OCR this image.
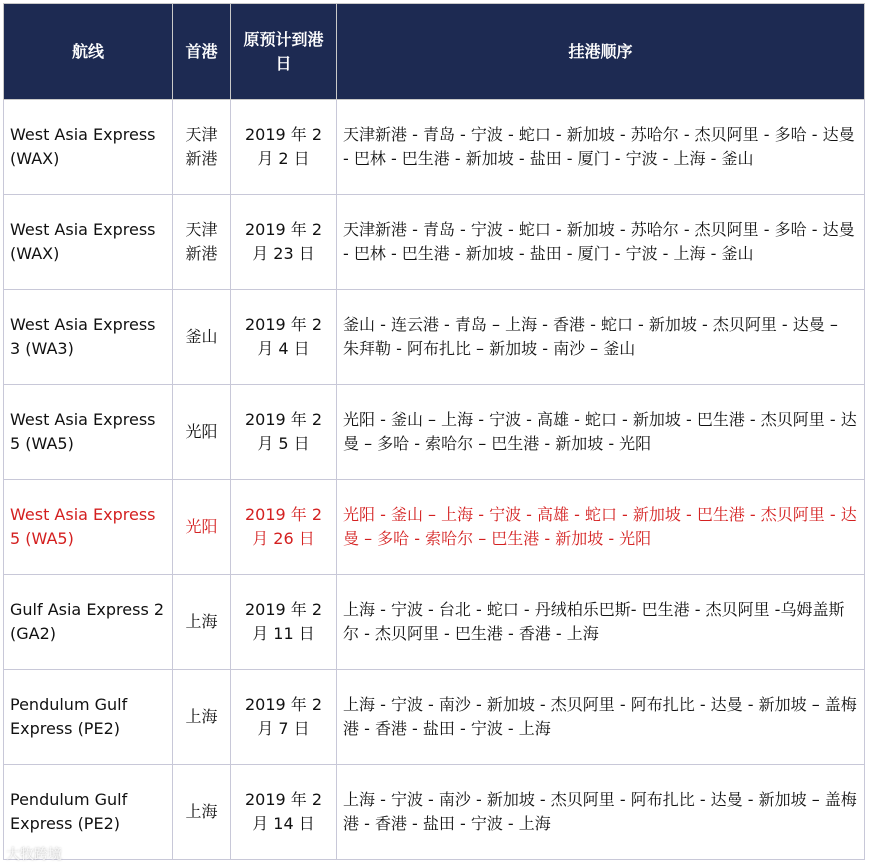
航线	首港	原预计到港日	挂港顺序
West Asia Express (WAX)	天津新港	2019 年 2 月 2 日	天津新港 - 青岛 - 宁波 - 蛇口 - 新加坡 - 苏哈尔 - 杰贝阿里 - 多哈 - 达曼 - 巴林 - 巴生港 - 新加坡 - 盐田 - 厦门 - 宁波 - 上海 - 釜山
West Asia Express (WAX)	天津新港	2019 年 2 月 23 日	天津新港 - 青岛 - 宁波 - 蛇口 - 新加坡 - 苏哈尔 - 杰贝阿里 - 多哈 - 达曼 - 巴林 - 巴生港 - 新加坡 - 盐田 - 厦门 - 宁波 - 上海 - 釜山
West Asia Express 3 (WA3)	釜山	2019 年 2 月 4 日	釜山 - 连云港 - 青岛 – 上海 - 香港 - 蛇口 - 新加坡 - 杰贝阿里 - 达曼 – 朱拜勒 - 阿布扎比 – 新加坡 - 南沙 – 釜山
West Asia Express 5 (WA5)	光阳	2019 年 2 月 5 日	光阳 - 釜山 – 上海 - 宁波 - 高雄 - 蛇口 - 新加坡 - 巴生港 - 杰贝阿里 - 达曼 – 多哈 - 索哈尔 – 巴生港 - 新加坡 - 光阳
West Asia Express 5 (WA5)	光阳	2019 年 2 月 26 日	光阳 - 釜山 – 上海 - 宁波 - 高雄 - 蛇口 - 新加坡 - 巴生港 - 杰贝阿里 - 达曼 – 多哈 - 索哈尔 – 巴生港 - 新加坡 - 光阳
Gulf Asia Express 2 (GA2)	上海	2019 年 2 月 11 日	上海 - 宁波 - 台北 - 蛇口 - 丹绒柏乐巴斯- 巴生港 - 杰贝阿里 -乌姆盖斯尔 - 杰贝阿里 - 巴生港 - 香港 - 上海
Pendulum Gulf Express (PE2)	上海	2019 年 2 月 7 日	上海 - 宁波 - 南沙 - 新加坡 - 杰贝阿里 - 阿布扎比 - 达曼 - 新加坡 – 盖梅港 - 香港 - 盐田 - 宁波 - 上海
Pendulum Gulf Express (PE2)	上海	2019 年 2 月 14 日	上海 - 宁波 - 南沙 - 新加坡 - 杰贝阿里 - 阿布扎比 - 达曼 - 新加坡 – 盖梅港 - 香港 - 盐田 - 宁波 - 上海
大牧跨境
